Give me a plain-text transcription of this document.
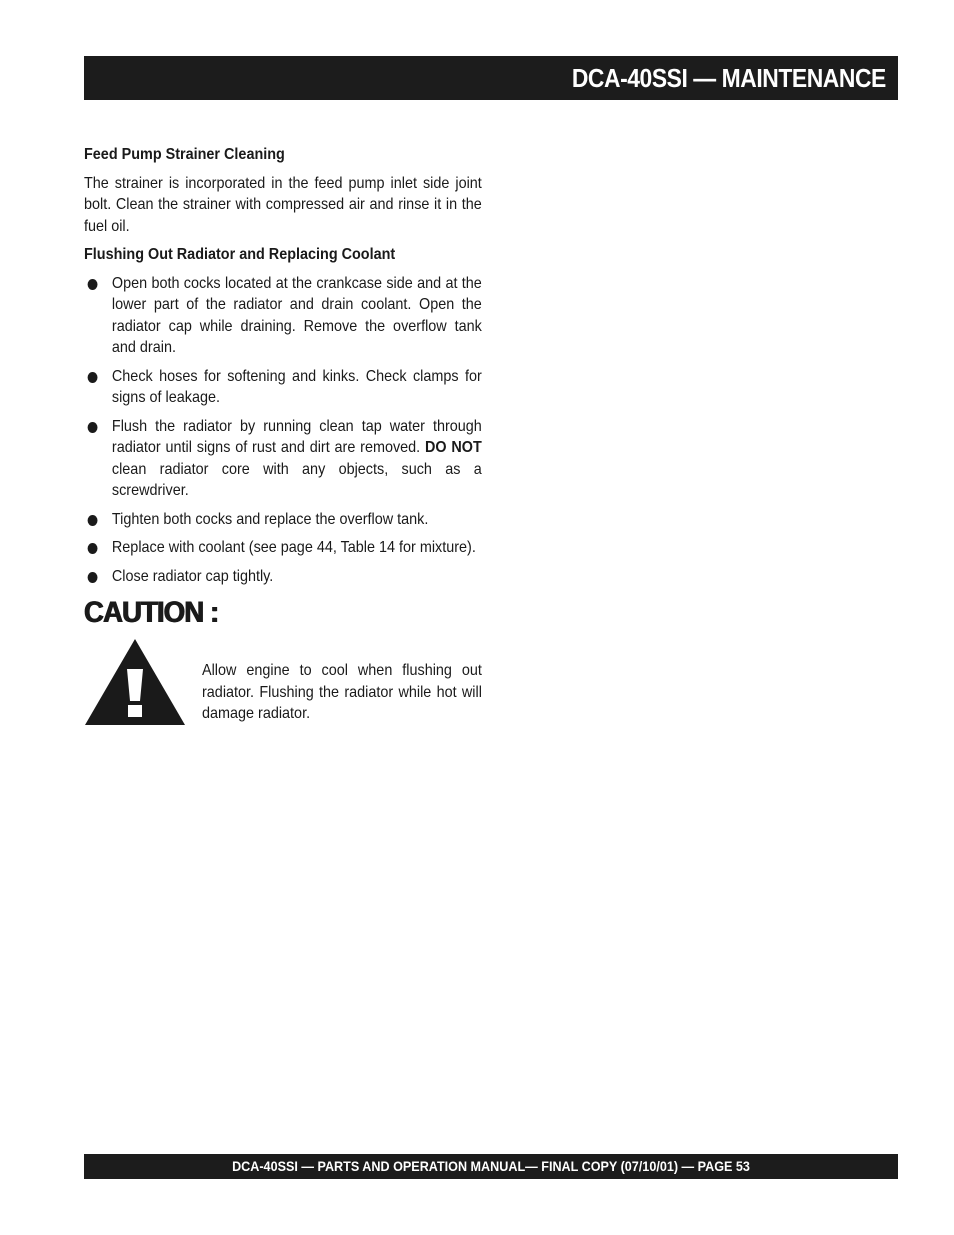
DCA-40SSI — MAINTENANCE
Feed Pump Strainer Cleaning

The strainer is incorporated in the feed pump inlet side joint bolt. Clean the strainer with compressed air and rinse it in the fuel oil.

Flushing Out Radiator and Replacing Coolant
Open both cocks located at the crankcase side and at the lower part of the radiator and drain coolant. Open the radiator cap while draining. Remove the overflow tank and drain.
Check hoses for softening and kinks. Check clamps for signs of leakage.
Flush the radiator by running clean tap water through radiator until signs of rust and dirt are removed. DO NOT clean radiator core with any objects, such as a screwdriver.
Tighten both cocks and replace the overflow tank.
Replace with coolant (see page 44, Table 14 for mixture).
Close radiator cap tightly.
CAUTION :
Allow engine to cool when flushing out radiator. Flushing the radiator while hot will damage radiator.
DCA-40SSI — PARTS AND OPERATION MANUAL— FINAL COPY (07/10/01) — PAGE 53
